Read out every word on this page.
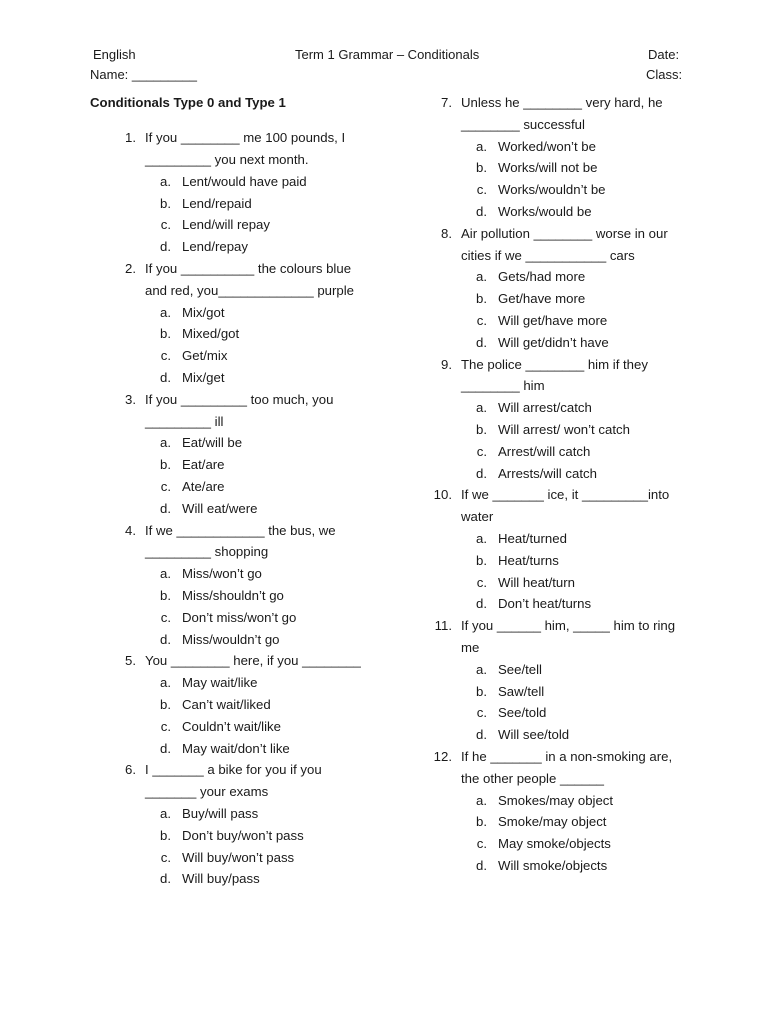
English	Term 1 Grammar – Conditionals	Date:
Name: _________	Class:
Conditionals Type 0 and Type 1
1. If you ________ me 100 pounds, I
_________ you next month.
a. Lent/would have paid
b. Lend/repaid
c. Lend/will repay
d. Lend/repay
2. If you __________ the colours blue
and red, you_____________ purple
a. Mix/got
b. Mixed/got
c. Get/mix
d. Mix/get
3. If you _________ too much, you
_________ ill
a. Eat/will be
b. Eat/are
c. Ate/are
d. Will eat/were
4. If we ____________ the bus, we
_________ shopping
a. Miss/won’t go
b. Miss/shouldn’t go
c. Don’t miss/won’t go
d. Miss/wouldn’t go
5. You ________ here, if you ________
a. May wait/like
b. Can’t wait/liked
c. Couldn’t wait/like
d. May wait/don’t like
6. I _______ a bike for you if you
_______ your exams
a. Buy/will pass
b. Don’t buy/won’t pass
c. Will buy/won’t pass
d. Will buy/pass
7. Unless he ________ very hard, he
________ successful
a. Worked/won’t be
b. Works/will not be
c. Works/wouldn’t be
d. Works/would be
8. Air pollution ________ worse in our
cities if we ___________ cars
a. Gets/had more
b. Get/have more
c. Will get/have more
d. Will get/didn’t have
9. The police ________ him if they
________ him
a. Will arrest/catch
b. Will arrest/ won’t catch
c. Arrest/will catch
d. Arrests/will catch
10. If we _______ ice, it _________into
water
a. Heat/turned
b. Heat/turns
c. Will heat/turn
d. Don’t heat/turns
11. If you ______ him, _____ him to ring
me
a. See/tell
b. Saw/tell
c. See/told
d. Will see/told
12. If he _______ in a non-smoking are,
the other people ______
a. Smokes/may object
b. Smoke/may object
c. May smoke/objects
d. Will smoke/objects
